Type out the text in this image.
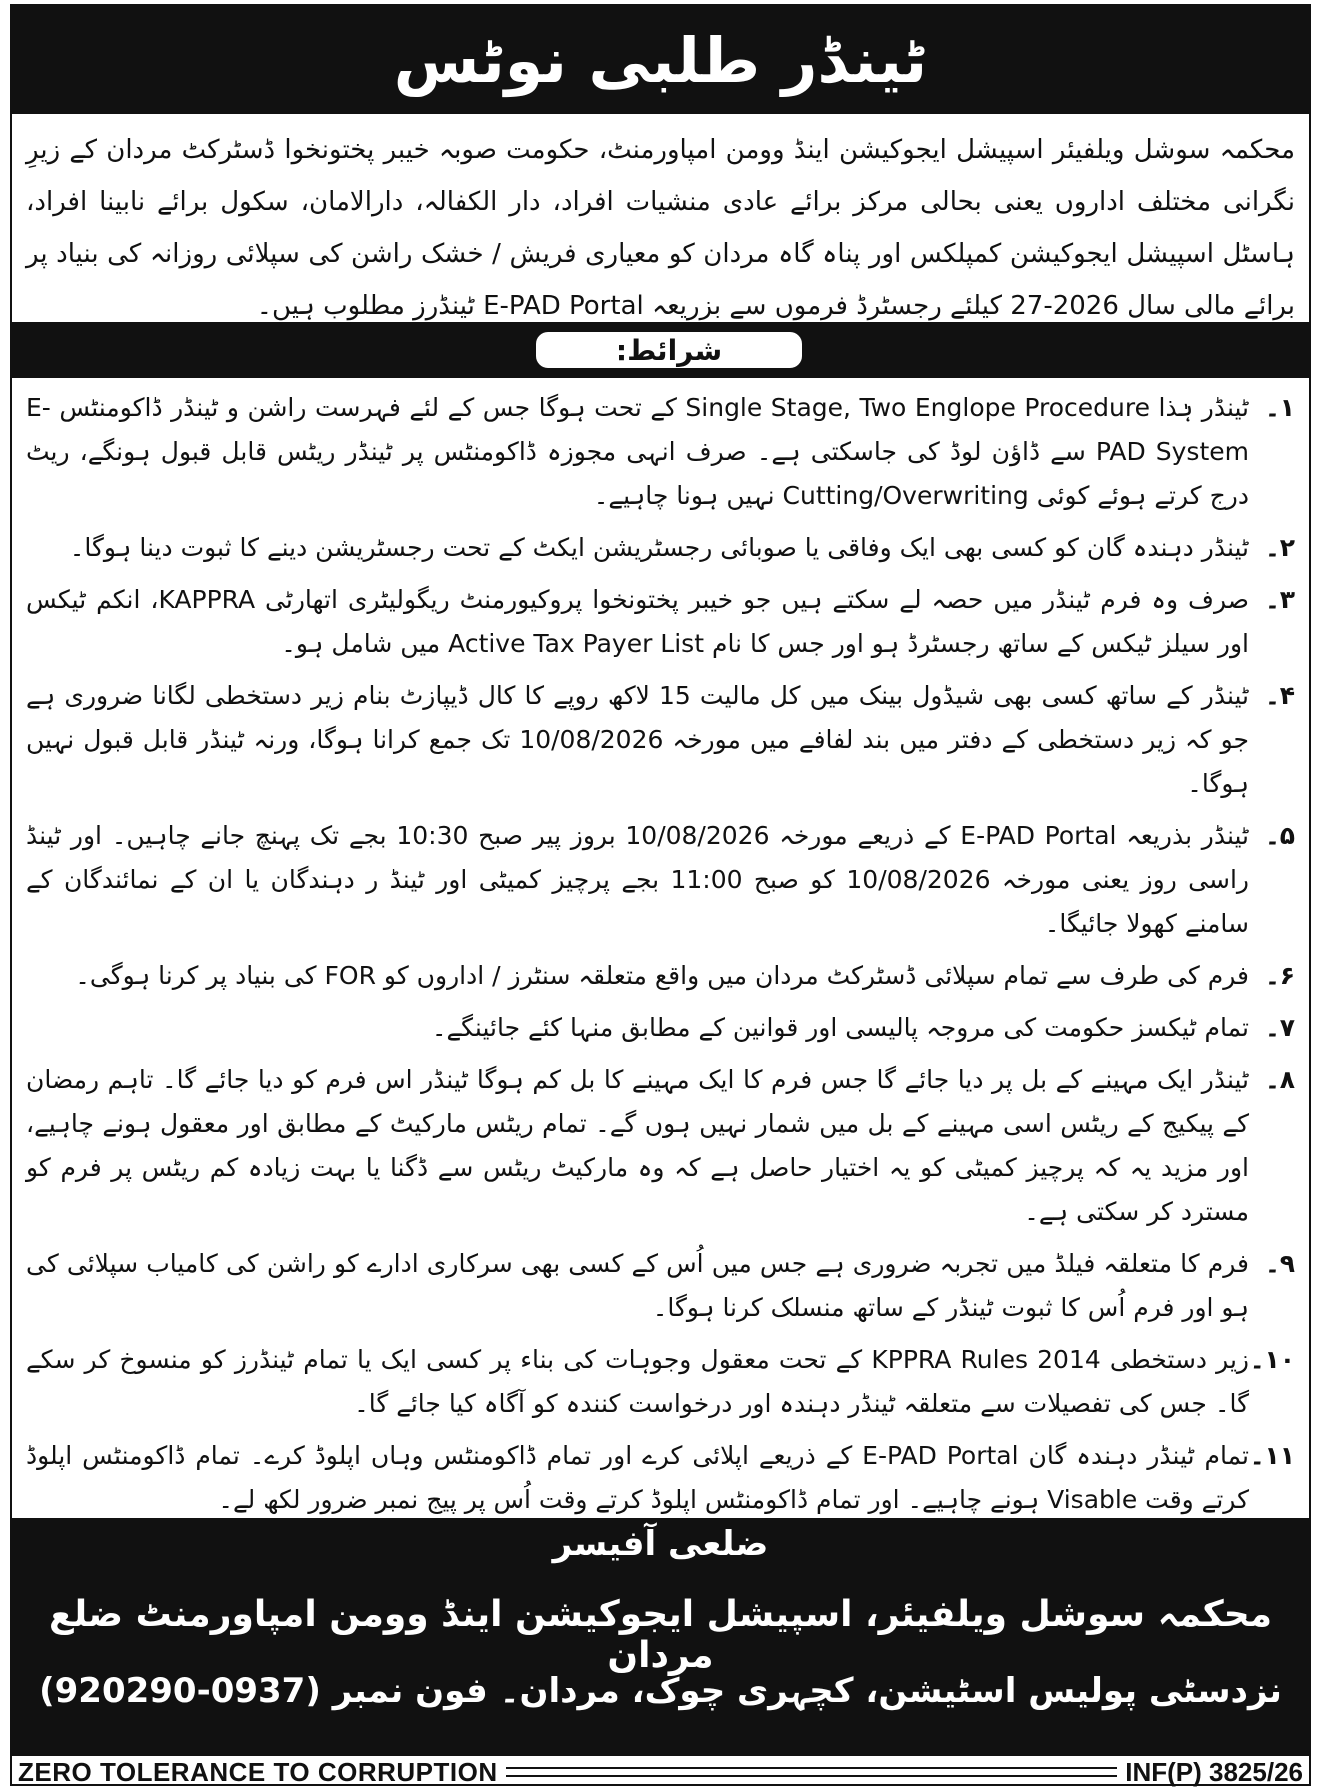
ٹینڈر طلبی نوٹس
محکمہ سوشل ویلفیئر اسپیشل ایجوکیشن اینڈ وومن امپاورمنٹ، حکومت صوبہ خیبر پختونخوا ڈسٹرکٹ مردان کے زیرِ نگرانی مختلف اداروں یعنی بحالی مرکز برائے عادی منشیات افراد، دار الکفالہ، دارالامان، سکول برائے نابینا افراد، ہاسٹل اسپیشل ایجوکیشن کمپلکس اور پناہ گاہ مردان کو معیاری فریش / خشک راشن کی سپلائی روزانہ کی بنیاد پر برائے مالی سال 2026-27 کیلئے رجسٹرڈ فرموں سے بزریعہ E-PAD Portal ٹینڈرز مطلوب ہیں۔
شرائط:
۱۔
ٹینڈر ہٰذا Single Stage, Two Englope Procedure کے تحت ہوگا جس کے لئے فہرست راشن و ٹینڈر ڈاکومنٹس E-PAD System سے ڈاؤن لوڈ کی جاسکتی ہے۔ صرف انہی مجوزہ ڈاکومنٹس پر ٹینڈر ریٹس قابل قبول ہونگے، ریٹ درج کرتے ہوئے کوئی Cutting/Overwriting نہیں ہونا چاہیے۔
۲۔
ٹینڈر دہندہ گان کو کسی بھی ایک وفاقی یا صوبائی رجسٹریشن ایکٹ کے تحت رجسٹریشن دینے کا ثبوت دینا ہوگا۔
۳۔
صرف وہ فرم ٹینڈر میں حصہ لے سکتے ہیں جو خیبر پختونخوا پروکیورمنٹ ریگولیٹری اتھارٹی KAPPRA، انکم ٹیکس اور سیلز ٹیکس کے ساتھ رجسٹرڈ ہو اور جس کا نام Active Tax Payer List میں شامل ہو۔
۴۔
ٹینڈر کے ساتھ کسی بھی شیڈول بینک میں کل مالیت 15 لاکھ روپے کا کال ڈیپازٹ بنام زیر دستخطی لگانا ضروری ہے جو کہ زیر دستخطی کے دفتر میں بند لفافے میں مورخہ 10/08/2026 تک جمع کرانا ہوگا، ورنہ ٹینڈر قابل قبول نہیں ہوگا۔
۵۔
ٹینڈر بذریعہ E-PAD Portal کے ذریعے مورخہ 10/08/2026 بروز پیر صبح 10:30 بجے تک پہنچ جانے چاہیں۔ اور ٹینڈ راسی روز یعنی مورخہ 10/08/2026 کو صبح 11:00 بجے پرچیز کمیٹی اور ٹینڈ ر دہندگان یا ان کے نمائندگان کے سامنے کھولا جائیگا۔
۶۔
فرم کی طرف سے تمام سپلائی ڈسٹرکٹ مردان میں واقع متعلقہ سنٹرز / اداروں کو FOR کی بنیاد پر کرنا ہوگی۔
۷۔
تمام ٹیکسز حکومت کی مروجہ پالیسی اور قوانین کے مطابق منہا کئے جائینگے۔
۸۔
ٹینڈر ایک مہینے کے بل پر دیا جائے گا جس فرم کا ایک مہینے کا بل کم ہوگا ٹینڈر اس فرم کو دیا جائے گا۔ تاہم رمضان کے پیکیج کے ریٹس اسی مہینے کے بل میں شمار نہیں ہوں گے۔ تمام ریٹس مارکیٹ کے مطابق اور معقول ہونے چاہیے، اور مزید یہ کہ پرچیز کمیٹی کو یہ اختیار حاصل ہے کہ وہ مارکیٹ ریٹس سے ڈگنا یا بہت زیادہ کم ریٹس پر فرم کو مسترد کر سکتی ہے۔
۹۔
فرم کا متعلقہ فیلڈ میں تجربہ ضروری ہے جس میں اُس کے کسی بھی سرکاری ادارے کو راشن کی کامیاب سپلائی کی ہو اور فرم اُس کا ثبوت ٹینڈر کے ساتھ منسلک کرنا ہوگا۔
۱۰۔
زیر دستخطی KPPRA Rules 2014 کے تحت معقول وجوہات کی بناء پر کسی ایک یا تمام ٹینڈرز کو منسوخ کر سکے گا۔ جس کی تفصیلات سے متعلقہ ٹینڈر دہندہ اور درخواست کنندہ کو آگاہ کیا جائے گا۔
۱۱۔
تمام ٹینڈر دہندہ گان E-PAD Portal کے ذریعے اپلائی کرے اور تمام ڈاکومنٹس وہاں اپلوڈ کرے۔ تمام ڈاکومنٹس اپلوڈ کرتے وقت Visable ہونے چاہیے۔ اور تمام ڈاکومنٹس اپلوڈ کرتے وقت اُس پر پیج نمبر ضرور لکھ لے۔
ضلعی آفیسر
محکمہ سوشل ویلفیئر، اسپیشل ایجوکیشن اینڈ وومن امپاورمنٹ ضلع مردان
نزدسٹی پولیس اسٹیشن، کچہری چوک، مردان۔ فون نمبر (0937-920290)
ZERO TOLERANCE TO CORRUPTION	INF(P) 3825/26
